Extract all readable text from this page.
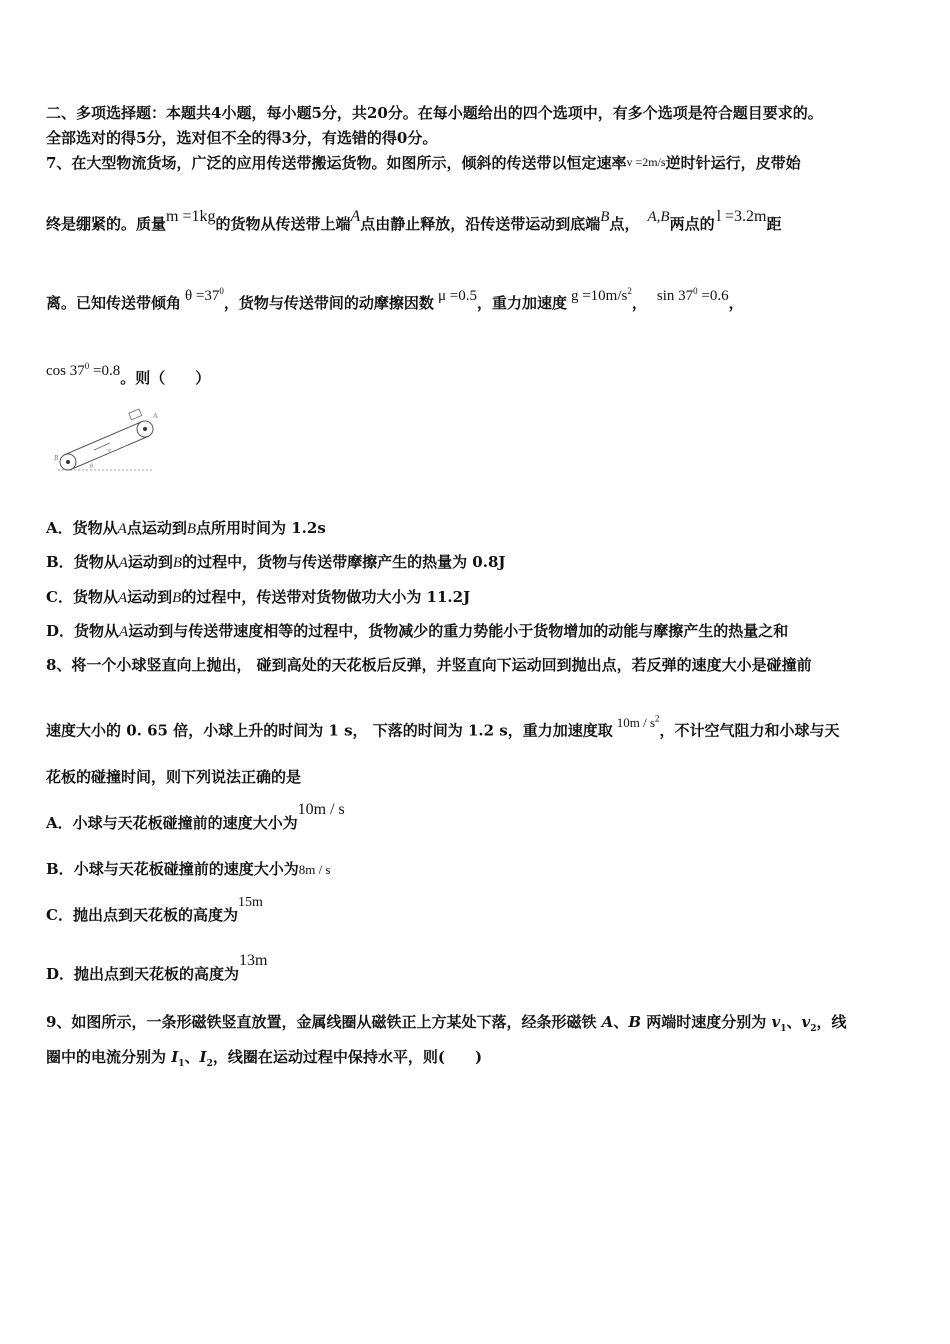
二、多项选择题：本题共4小题，每小题5分，共20分。在每小题给出的四个选项中，有多个选项是符合题目要求的。
全部选对的得5分，选对但不全的得3分，有选错的得0分。
7、在大型物流货场，广泛的应用传送带搬运货物。如图所示，倾斜的传送带以恒定速率v =2m/s逆时针运行，皮带始
终是绷紧的。质量m =1kg的货物从传送带上端A点由静止释放，沿传送带运动到底端B点， A,B两点的 l =3.2m距
离。已知传送带倾角 $\theta =37^0$，货物与传送带间的动摩擦因数 μ =0.5，重力加速度 $g =10m/s^2$， $\sin 37^0 =0.6$，
$\cos 37^0 =0.8$。则（　　）
A
B
θ
v
A．货物从A点运动到B点所用时间为 1.2s
B．货物从A运动到B的过程中，货物与传送带摩擦产生的热量为 0.8J
C．货物从A运动到B的过程中，传送带对货物做功大小为 11.2J
D．货物从A运动到与传送带速度相等的过程中，货物减少的重力势能小于货物增加的动能与摩擦产生的热量之和
8、将一个小球竖直向上抛出， 碰到高处的天花板后反弹，并竖直向下运动回到抛出点，若反弹的速度大小是碰撞前
速度大小的 0. 65 倍，小球上升的时间为 1 s， 下落的时间为 1.2 s，重力加速度取 $10m / s^2$，不计空气阻力和小球与天
花板的碰撞时间，则下列说法正确的是
A．小球与天花板碰撞前的速度大小为10m / s
B．小球与天花板碰撞前的速度大小为8m / s
C．抛出点到天花板的高度为15m
D．抛出点到天花板的高度为13m
9、如图所示，一条形磁铁竖直放置，金属线圈从磁铁正上方某处下落，经条形磁铁 A、B 两端时速度分别为 $v_1$、$v_2$，线
圈中的电流分别为 $I_1$、$I_2$，线圈在运动过程中保持水平，则(　　)
